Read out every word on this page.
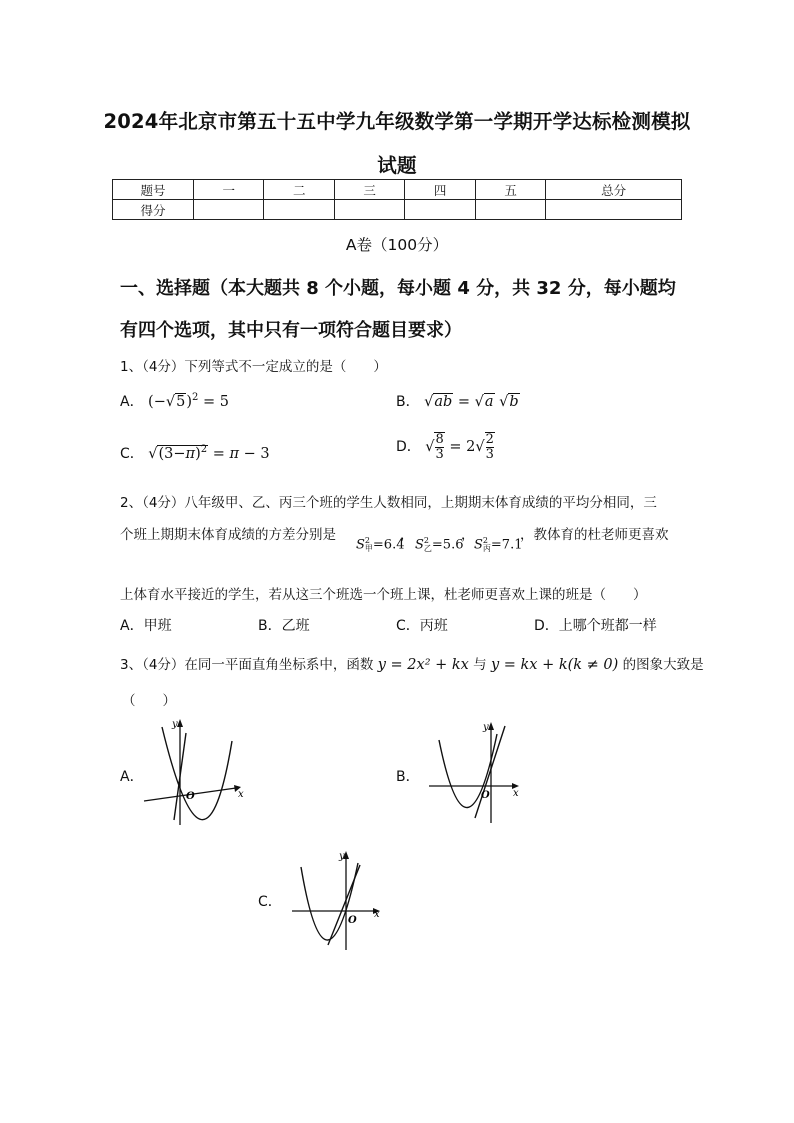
2024年北京市第五十五中学九年级数学第一学期开学达标检测模拟
试题
题号	一	二	三	四	五	总分
得分						
A卷（100分）
一、选择题（本大题共 8 个小题，每小题 4 分，共 32 分，每小题均
有四个选项，其中只有一项符合题目要求）
1、（4分）下列等式不一定成立的是（　　）
A． $(-√5)^2 = 5$	B． √ab = √a √b
C． $√(3-\pi)^2 = \pi - 3$	D． √ $\frac{8}{3} = 2√ \frac{2}{3}$
2、（4分）八年级甲、乙、丙三个班的学生人数相同，上期期末体育成绩的平均分相同，三
个班上期期末体育成绩的方差分别是	，	，	，教体育的杜老师更喜欢
S 2
甲 =6.4 S 2
乙 =5.6 S 2
丙 =7.1
上体育水平接近的学生，若从这三个班选一个班上课，杜老师更喜欢上课的班是（　　）
A．甲班	B．乙班	C．丙班	D．上哪个班都一样
3、（4分）在同一平面直角坐标系中，函数 y = 2x² + kx 与 y = kx + k(k ≠ 0) 的图象大致是
（　　）
A．
x
y
O
B．
x
y
O
C．
x
y
O
